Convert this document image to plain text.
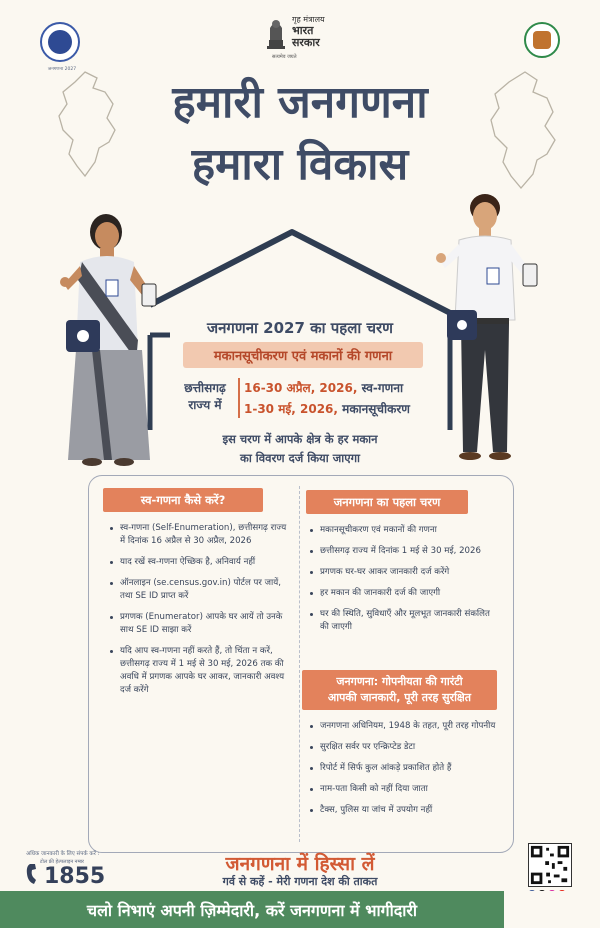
जनगणना 2027
गृह मंत्रालय
भारत
सरकार
सत्यमेव जयते
हमारी जनगणना
हमारा विकास
जनगणना 2027 का पहला चरण
मकानसूचीकरण एवं मकानों की गणना
छत्तीसगढ़
राज्य में
16-30 अप्रैल, 2026, स्व-गणना
1-30 मई, 2026, मकानसूचीकरण
इस चरण में आपके क्षेत्र के हर मकान
का विवरण दर्ज किया जाएगा
स्व-गणना कैसे करें?
स्व-गणना (Self-Enumeration), छत्तीसगढ़ राज्य में दिनांक 16 अप्रैल से 30 अप्रैल, 2026
याद रखें स्व-गणना ऐच्छिक है, अनिवार्य नहीं
ऑनलाइन (se.census.gov.in) पोर्टल पर जायें, तथा SE ID प्राप्त करें
प्रगणक (Enumerator) आपके घर आयें तो उनके साथ SE ID साझा करें
यदि आप स्व-गणना नहीं करते हैं, तो चिंता न करें, छत्तीसगढ़ राज्य में 1 मई से 30 मई, 2026 तक की अवधि में प्रगणक आपके घर आकर, जानकारी अवश्य दर्ज करेंगे
जनगणना का पहला चरण
मकानसूचीकरण एवं मकानों की गणना
छत्तीसगढ़ राज्य में दिनांक 1 मई से 30 मई, 2026
प्रगणक घर-घर आकर जानकारी दर्ज करेंगे
हर मकान की जानकारी दर्ज की जाएगी
घर की स्थिति, सुविधाएँ और मूलभूत जानकारी संकलित की जाएगी
जनगणना: गोपनीयता की गारंटी
आपकी जानकारी, पूरी तरह सुरक्षित
जनगणना अधिनियम, 1948 के तहत, पूरी तरह गोपनीय
सुरक्षित सर्वर पर एन्क्रिप्टेड डेटा
रिपोर्ट में सिर्फ कुल आंकड़े प्रकाशित होते हैं
नाम-पता किसी को नहीं दिया जाता
टैक्स, पुलिस या जांच में उपयोग नहीं
अधिक जानकारी के लिए संपर्क करें :
टोल फ्री हेल्पलाइन नम्बर
1855	जनगणना में हिस्सा लें
गर्व से कहें - मेरी गणना देश की ताकत
चलो निभाएं अपनी ज़िम्मेदारी, करें जनगणना में भागीदारी
